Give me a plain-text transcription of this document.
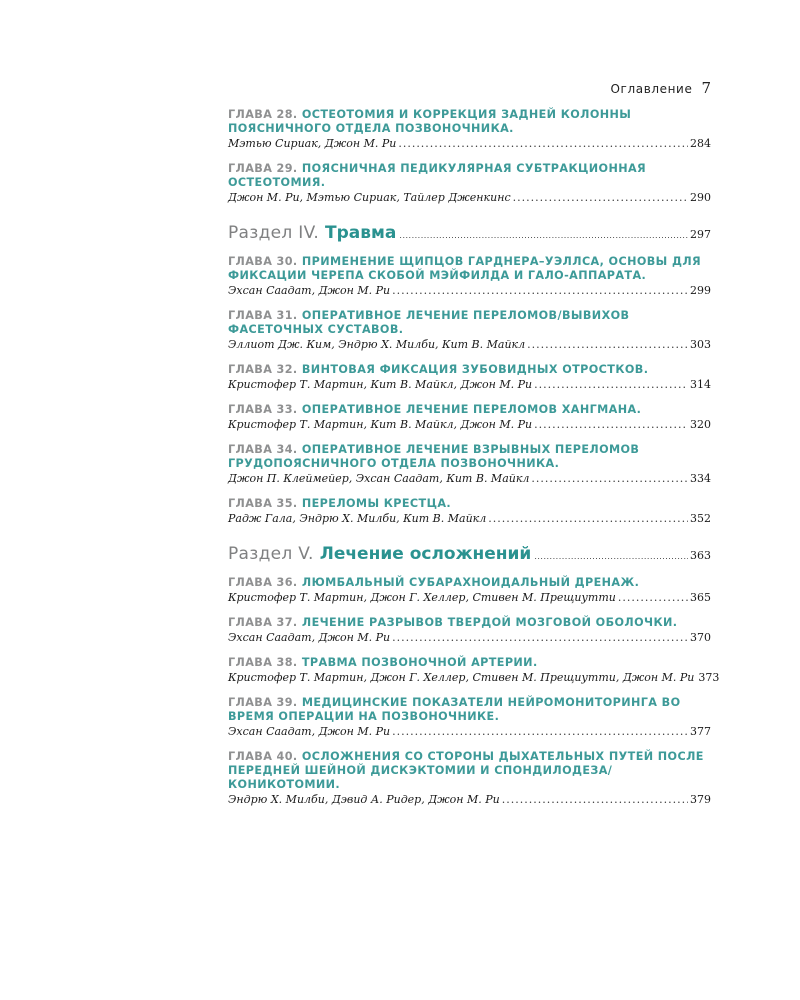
Оглавление 7
ГЛАВА 28. ОСТЕОТОМИЯ И КОРРЕКЦИЯ ЗАДНЕЙ КОЛОННЫ ПОЯСНИЧНОГО ОТДЕЛА ПОЗВОНОЧНИКА.
Мэтью Сириак, Джон М. Ри .....	284
ГЛАВА 29. ПОЯСНИЧНАЯ ПЕДИКУЛЯРНАЯ СУБТРАКЦИОННАЯ ОСТЕОТОМИЯ.
Джон М. Ри, Мэтью Сириак, Тайлер Дженкинс .....	290
Раздел IV. Травма .....	297
ГЛАВА 30. ПРИМЕНЕНИЕ ЩИПЦОВ ГАРДНЕРА–УЭЛЛСА, ОСНОВЫ ДЛЯ ФИКСАЦИИ ЧЕРЕПА СКОБОЙ МЭЙФИЛДА И ГАЛО-АППАРАТА.
Эхсан Саадат, Джон М. Ри .....	299
ГЛАВА 31. ОПЕРАТИВНОЕ ЛЕЧЕНИЕ ПЕРЕЛОМОВ/ВЫВИХОВ ФАСЕТОЧНЫХ СУСТАВОВ.
Эллиот Дж. Ким, Эндрю Х. Милби, Кит В. Майкл .....	303
ГЛАВА 32. ВИНТОВАЯ ФИКСАЦИЯ ЗУБОВИДНЫХ ОТРОСТКОВ.
Кристофер Т. Мартин, Кит В. Майкл, Джон М. Ри .....	314
ГЛАВА 33. ОПЕРАТИВНОЕ ЛЕЧЕНИЕ ПЕРЕЛОМОВ ХАНГМАНА.
Кристофер Т. Мартин, Кит В. Майкл, Джон М. Ри .....	320
ГЛАВА 34. ОПЕРАТИВНОЕ ЛЕЧЕНИЕ ВЗРЫВНЫХ ПЕРЕЛОМОВ ГРУДОПОЯСНИЧНОГО ОТДЕЛА ПОЗВОНОЧНИКА.
Джон П. Клеймейер, Эхсан Саадат, Кит В. Майкл .....	334
ГЛАВА 35. ПЕРЕЛОМЫ КРЕСТЦА.
Радж Гала, Эндрю Х. Милби, Кит В. Майкл .....	352
Раздел V. Лечение осложнений .....	363
ГЛАВА 36. ЛЮМБАЛЬНЫЙ СУБАРАХНОИДАЛЬНЫЙ ДРЕНАЖ.
Кристофер Т. Мартин, Джон Г. Хеллер, Стивен М. Прещиутти .....	365
ГЛАВА 37. ЛЕЧЕНИЕ РАЗРЫВОВ ТВЕРДОЙ МОЗГОВОЙ ОБОЛОЧКИ.
Эхсан Саадат, Джон М. Ри .....	370
ГЛАВА 38. ТРАВМА ПОЗВОНОЧНОЙ АРТЕРИИ.
Кристофер Т. Мартин, Джон Г. Хеллер, Стивен М. Прещиутти, Джон М. Ри 373
ГЛАВА 39. МЕДИЦИНСКИЕ ПОКАЗАТЕЛИ НЕЙРОМОНИТОРИНГА ВО ВРЕМЯ ОПЕРАЦИИ НА ПОЗВОНОЧНИКЕ.
Эхсан Саадат, Джон М. Ри .....	377
ГЛАВА 40. ОСЛОЖНЕНИЯ СО СТОРОНЫ ДЫХАТЕЛЬНЫХ ПУТЕЙ ПОСЛЕ ПЕРЕДНЕЙ ШЕЙНОЙ ДИСКЭКТОМИИ И СПОНДИЛОДЕЗА/ КОНИКОТОМИИ.
Эндрю Х. Милби, Дэвид А. Ридер, Джон М. Ри .....	379
